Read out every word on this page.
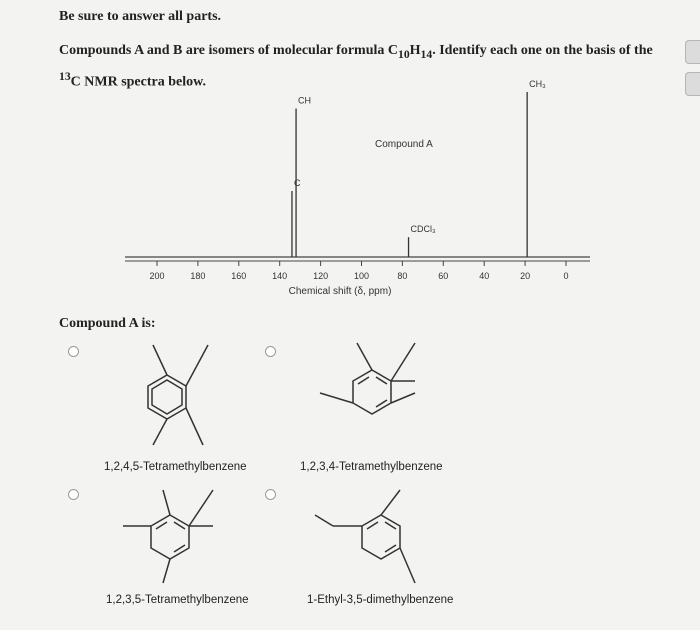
Be sure to answer all parts.
Compounds A and B are isomers of molecular formula $C_{10}H_{14}$. Identify each one on the basis of the
$^{13}$C NMR spectra below.
200	180	160	140	120	100	80	60	40	20	0
C
CH
CDCl₃
CH₃
Compound A
Chemical shift (δ, ppm)
Compound A is:
1,2,4,5-Tetramethylbenzene	1,2,3,4-Tetramethylbenzene
1,2,3,5-Tetramethylbenzene	1-Ethyl-3,5-dimethylbenzene
